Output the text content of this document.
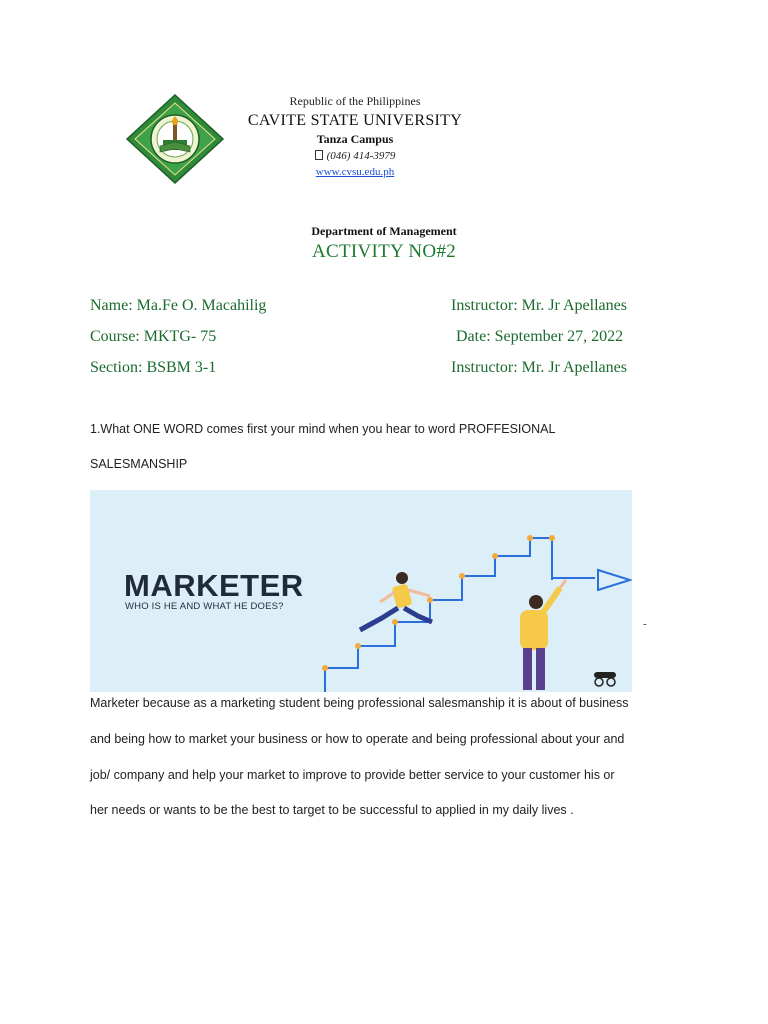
Republic of the Philippines
CAVITE STATE UNIVERSITY
Tanza Campus
(046) 414-3979
www.cvsu.edu.ph
Department of Management
ACTIVITY NO#2
Name: Ma.Fe O. Macahilig	Instructor: Mr. Jr Apellanes
Course: MKTG- 75	Date: September 27, 2022
Section: BSBM 3-1	Instructor: Mr. Jr Apellanes
1.What ONE WORD comes first your mind when you hear to word PROFFESIONAL
SALESMANSHIP
MARKETER
WHO IS HE AND WHAT HE DOES?
-
Marketer because as a marketing student being professional salesmanship it is about of business
and being how to market your business or how to operate and being professional about your and
job/ company and help your market to improve to provide better service to your customer his or
her needs or wants to be the best to target to be successful to applied in my daily lives .
